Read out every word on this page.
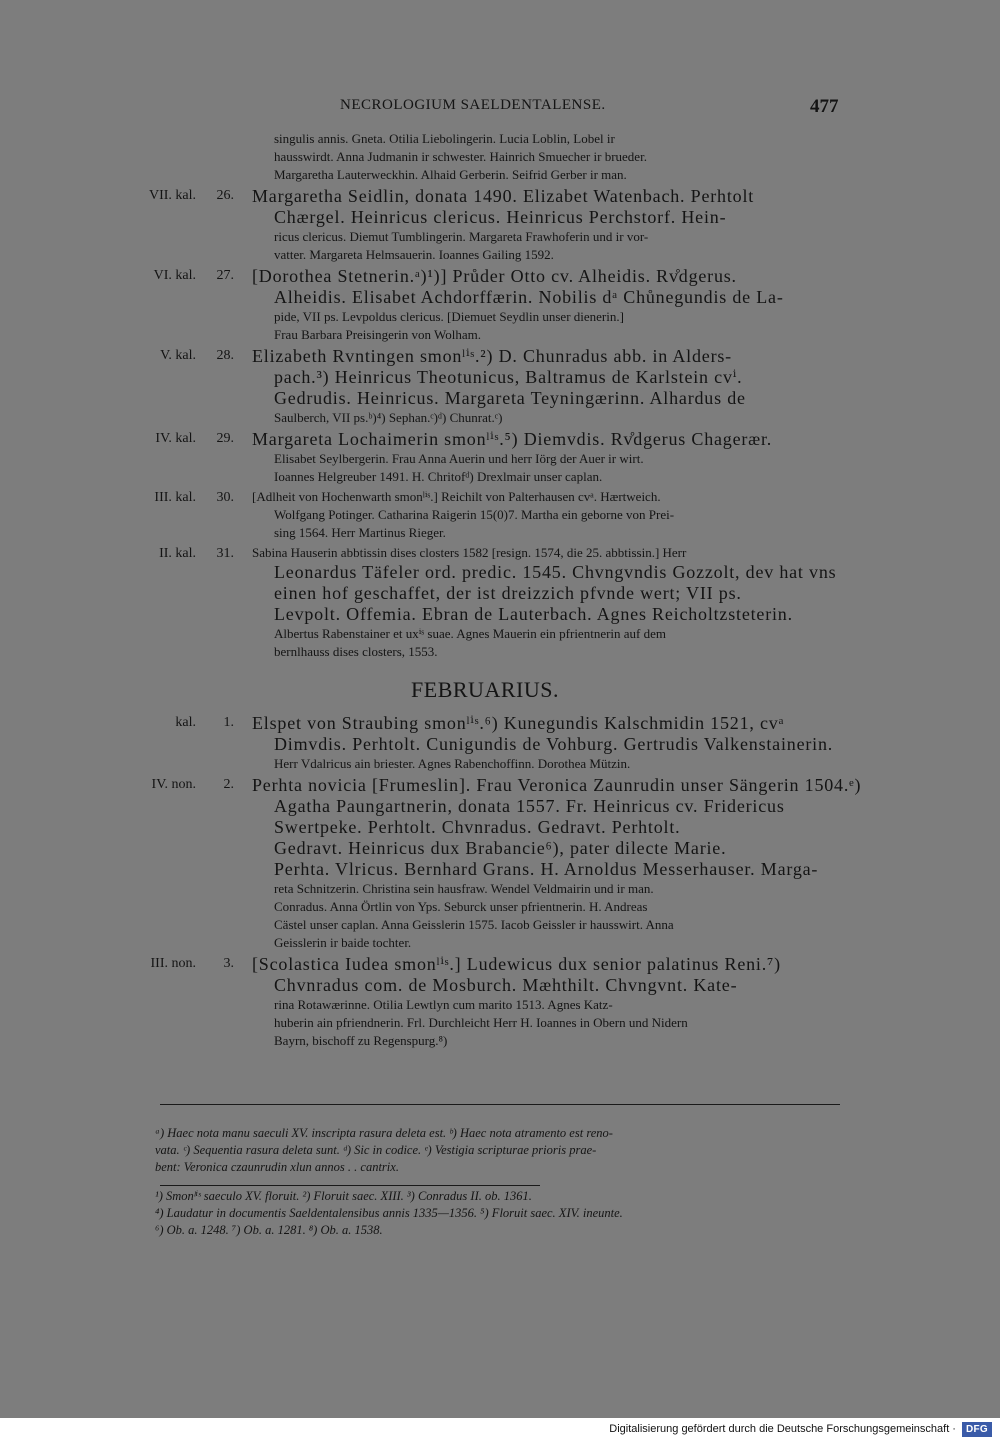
NECROLOGIUM SAELDENTALENSE.	477
singulis annis. Gneta. Otilia Liebolingerin. Lucia Loblin, Lobel ir
hausswirdt. Anna Judmanin ir schwester. Hainrich Smuecher ir brueder.
Margaretha Lauterweckhin. Alhaid Gerberin. Seifrid Gerber ir man.
VII. kal.	26. Margaretha Seidlin, donata 1490. Elizabet Watenbach. Perhtolt
Chærgel. Heinricus clericus. Heinricus Perchstorf. Hein-
ricus clericus. Diemut Tumblingerin. Margareta Frawhoferin und ir vor-
vatter. Margareta Helmsauerin. Ioannes Gailing 1592.
VI. kal.	27. [Dorothea Stetnerin.ᵃ)¹)] Průder Otto cv. Alheidis. Rv̊dgerus.
Alheidis. Elisabet Achdorffærin. Nobilis dᵃ Chůnegundis de La-
pide, VII ps. Levpoldus clericus. [Diemuet Seydlin unser dienerin.]
Frau Barbara Preisingerin von Wolham.
V. kal.	28. Elizabeth Rvntingen smonˡⁱˢ.²) D. Chunradus abb. in Alders-
pach.³) Heinricus Theotunicus, Baltramus de Karlstein cvⁱ.
Gedrudis. Heinricus. Margareta Teyningærinn. Alhardus de
Saulberch, VII ps.ᵇ)⁴) Sephan.ᶜ)ᵈ) Chunrat.ᶜ)
IV. kal.	29. Margareta Lochaimerin smonˡⁱˢ.⁵) Diemvdis. Rv̊dgerus Chagerær.
Elisabet Seylbergerin. Frau Anna Auerin und herr Iörg der Auer ir wirt.
Ioannes Helgreuber 1491. H. Chritofᵈ) Drexlmair unser caplan.
III. kal.	30. [Adlheit von Hochenwarth smonˡⁱˢ.] Reichilt von Palterhausen cvᵃ. Hærtweich.
Wolfgang Potinger. Catharina Raigerin 15(0)7. Martha ein geborne von Prei-
sing 1564. Herr Martinus Rieger.
II. kal.	31. Sabina Hauserin abbtissin dises closters 1582 [resign. 1574, die 25. abbtissin.] Herr
Leonardus Täfeler ord. predic. 1545. Chvngvndis Gozzolt, dev hat vns
einen hof geschaffet, der ist dreizzich pfvnde wert; VII ps.
Levpolt. Offemia. Ebran de Lauterbach. Agnes Reicholtzsteterin.
Albertus Rabenstainer et uxⁱˢ suae. Agnes Mauerin ein pfrientnerin auf dem
bernlhauss dises closters, 1553.
FEBRUARIUS.
kal.	1. Elspet von Straubing smonˡⁱˢ.⁶) Kunegundis Kalschmidin 1521, cvᵃ
Dimvdis. Perhtolt. Cunigundis de Vohburg. Gertrudis Valkenstainerin.
Herr Vdalricus ain briester. Agnes Rabenchoffinn. Dorothea Mützin.
IV. non.	2. Perhta novicia [Frumeslin]. Frau Veronica Zaunrudin unser Sängerin 1504.ᵉ)
Agatha Paungartnerin, donata 1557. Fr. Heinricus cv. Fridericus
Swertpeke. Perhtolt. Chvnradus. Gedravt. Perhtolt.
Gedravt. Heinricus dux Brabancie⁶), pater dilecte Marie.
Perhta. Vlricus. Bernhard Grans. H. Arnoldus Messerhauser. Marga-
reta Schnitzerin. Christina sein hausfraw. Wendel Veldmairin und ir man.
Conradus. Anna Örtlin von Yps. Seburck unser pfrientnerin. H. Andreas
Cästel unser caplan. Anna Geisslerin 1575. Iacob Geissler ir hausswirt. Anna
Geisslerin ir baide tochter.
III. non.	3. [Scolastica Iudea smonˡⁱˢ.] Ludewicus dux senior palatinus Reni.⁷)
Chvnradus com. de Mosburch. Mæhthilt. Chvngvnt. Kate-
rina Rotawærinne. Otilia Lewtlyn cum marito 1513. Agnes Katz-
huberin ain pfriendnerin. Frl. Durchleicht Herr H. Ioannes in Obern und Nidern
Bayrn, bischoff zu Regenspurg.⁸)
ᵃ) Haec nota manu saeculi XV. inscripta rasura deleta est. ᵇ) Haec nota atramento est reno-
vata. ᶜ) Sequentia rasura deleta sunt. ᵈ) Sic in codice. ᵉ) Vestigia scripturae prioris prae-
bent: Veronica czaunrudin xlun annos . . cantrix.
¹) Smonˡⁱˢ saeculo XV. floruit. ²) Floruit saec. XIII. ³) Conradus II. ob. 1361.
⁴) Laudatur in documentis Saeldentalensibus annis 1335—1356. ⁵) Floruit saec. XIV. ineunte.
⁶) Ob. a. 1248. ⁷) Ob. a. 1281. ⁸) Ob. a. 1538.
Digitalisierung gefördert durch die Deutsche Forschungsgemeinschaft ·	DFG
